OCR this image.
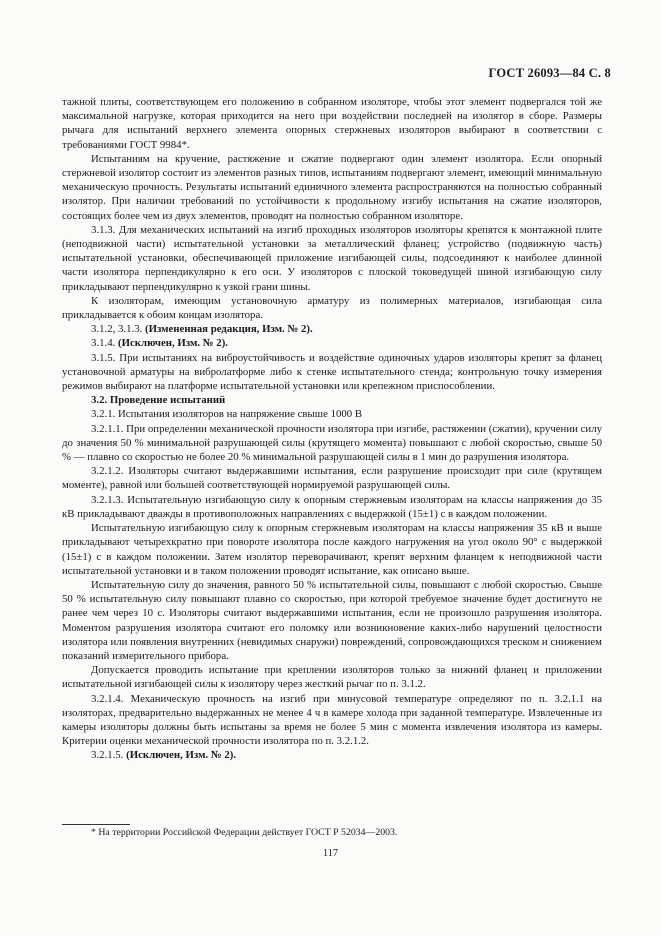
ГОСТ 26093—84 С. 8

тажной плиты, соответствующем его положению в собранном изоляторе, чтобы этот элемент подвергался той же максимальной нагрузке, которая приходится на него при воздействии последней на изолятор в сборе. Размеры рычага для испытаний верхнего элемента опорных стержневых изоляторов выбирают в соответствии с требованиями ГОСТ 9984*.

Испытаниям на кручение, растяжение и сжатие подвергают один элемент изолятора. Если опорный стержневой изолятор состоит из элементов разных типов, испытаниям подвергают элемент, имеющий минимальную механическую прочность. Результаты испытаний единичного элемента распространяются на полностью собранный изолятор. При наличии требований по устойчивости к продольному изгибу испытания на сжатие изоляторов, состоящих более чем из двух элементов, проводят на полностью собранном изоляторе.

3.1.3. Для механических испытаний на изгиб проходных изоляторов изоляторы крепятся к монтажной плите (неподвижной части) испытательной установки за металлический фланец; устройство (подвижную часть) испытательной установки, обеспечивающей приложение изгибающей силы, подсоединяют к наиболее длинной части изолятора перпендикулярно к его оси. У изоляторов с плоской токоведущей шиной изгибающую силу прикладывают перпендикулярно к узкой грани шины.

К изоляторам, имеющим установочную арматуру из полимерных материалов, изгибающая сила прикладывается к обоим концам изолятора.

3.1.2, 3.1.3. (Измененная редакция, Изм. № 2).

3.1.4. (Исключен, Изм. № 2).

3.1.5. При испытаниях на виброустойчивость и воздействие одиночных ударов изоляторы крепят за фланец установочной арматуры на вибролатформе либо к стенке испытательного стенда; контрольную точку измерения режимов выбирают на платформе испытательной установки или крепежном приспособлении.

3.2. Проведение испытаний

3.2.1. Испытания изоляторов на напряжение свыше 1000 В

3.2.1.1. При определении механической прочности изолятора при изгибе, растяжении (сжатии), кручении силу до значения 50 % минимальной разрушающей силы (крутящего момента) повышают с любой скоростью, свыше 50 % — плавно со скоростью не более 20 % минимальной разрушающей силы в 1 мин до разрушения изолятора.

3.2.1.2. Изоляторы считают выдержавшими испытания, если разрушение происходит при силе (крутящем моменте), равной или большей соответствующей нормируемой разрушающей силы.

3.2.1.3. Испытательную изгибающую силу к опорным стержневым изоляторам на классы напряжения до 35 кВ прикладывают дважды в противоположных направлениях с выдержкой (15±1) с в каждом положении.

Испытательную изгибающую силу к опорным стержневым изоляторам на классы напряжения 35 кВ и выше прикладывают четырехкратно при повороте изолятора после каждого нагружения на угол около 90° с выдержкой (15±1) с в каждом положении. Затем изолятор переворачивают, крепят верхним фланцем к неподвижной части испытательной установки и в таком положении проводят испытание, как описано выше.

Испытательную силу до значения, равного 50 % испытательной силы, повышают с любой скоростью. Свыше 50 % испытательную силу повышают плавно со скоростью, при которой требуемое значение будет достигнуто не ранее чем через 10 с. Изоляторы считают выдержавшими испытания, если не произошло разрушения изолятора. Моментом разрушения изолятора считают его поломку или возникновение каких-либо нарушений целостности изолятора или появления внутренних (невидимых снаружи) повреждений, сопровождающихся треском и снижением показаний измерительного прибора.

Допускается проводить испытание при креплении изоляторов только за нижний фланец и приложении испытательной изгибающей силы к изолятору через жесткий рычаг по п. 3.1.2.

3.2.1.4. Механическую прочность на изгиб при минусовой температуре определяют по п. 3.2.1.1 на изоляторах, предварительно выдержанных не менее 4 ч в камере холода при заданной температуре. Извлеченные из камеры изоляторы должны быть испытаны за время не более 5 мин с момента извлечения изолятора из камеры. Критерии оценки механической прочности изолятора по п. 3.2.1.2.

3.2.1.5. (Исключен, Изм. № 2).

* На территории Российской Федерации действует ГОСТ Р 52034—2003.
117
